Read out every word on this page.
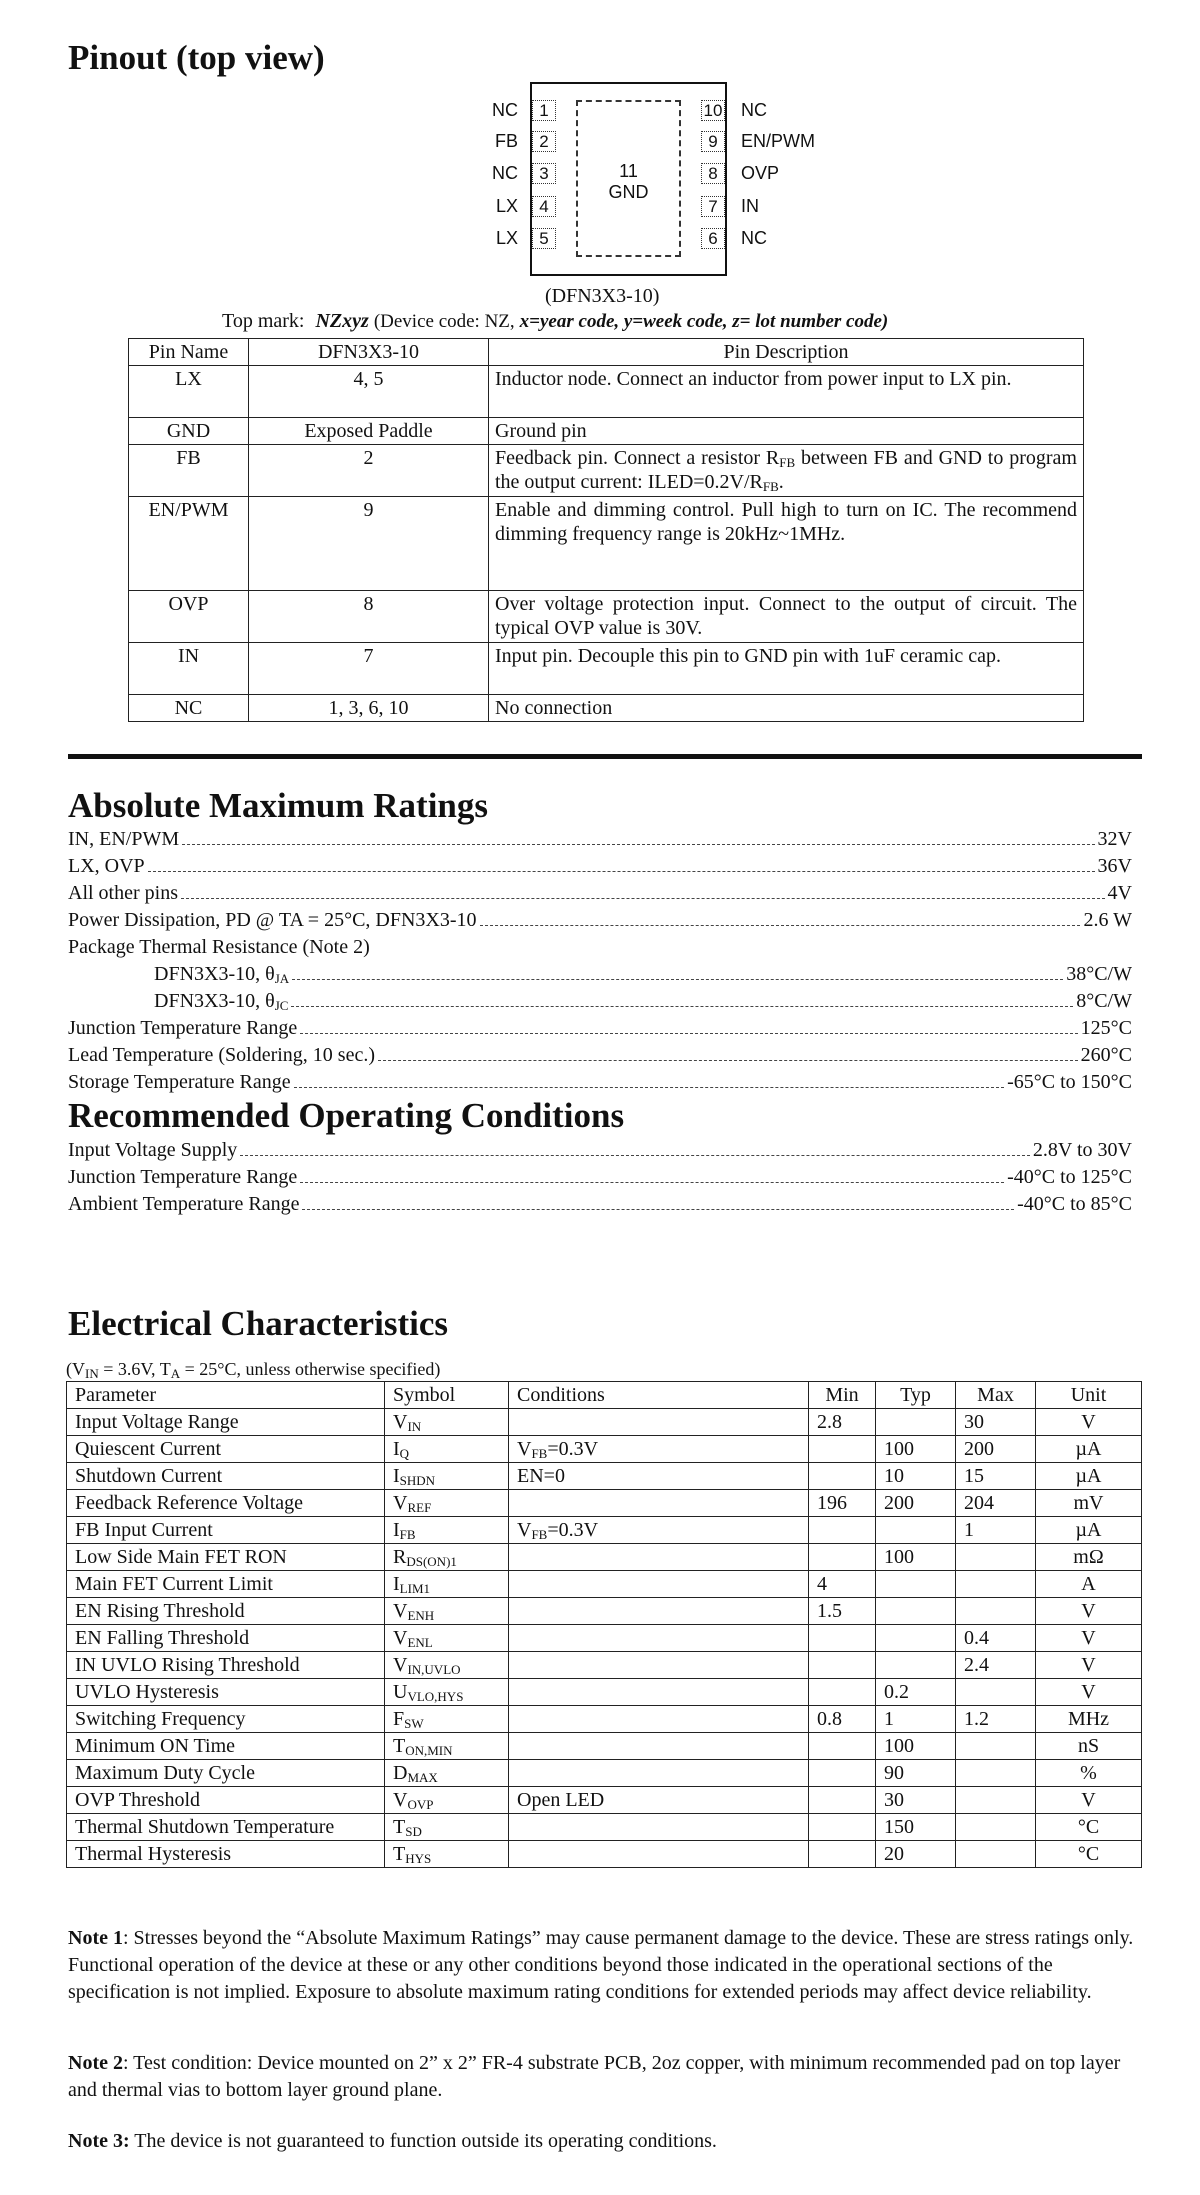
Pinout (top view)
11
GND
NC	1
FB	2
NC	3
LX	4
LX	5
10 NC
9	EN/PWM
8	OVP
7	IN
6	NC
(DFN3X3-10)
Top mark: NZxyz (Device code: NZ, x=year code, y=week code, z= lot number code)
Pin Name	DFN3X3-10	Pin Description
LX	4, 5	Inductor node. Connect an inductor from power input to LX pin.
GND	Exposed Paddle	Ground pin
FB	2	Feedback pin. Connect a resistor $R_{FB}$ between FB and GND to program the output current: $ILED=0.2V/R_{FB}$.
EN/PWM	9	Enable and dimming control. Pull high to turn on IC. The recommend dimming frequency range is 20kHz~1MHz.
OVP	8	Over voltage protection input. Connect to the output of circuit. The typical OVP value is 30V.
IN	7	Input pin. Decouple this pin to GND pin with 1uF ceramic cap.
NC	1, 3, 6, 10	No connection
Absolute Maximum Ratings
IN, EN/PWM	32V
LX, OVP	36V
All other pins	4V
Power Dissipation, PD @ TA = 25°C, DFN3X3-10	2.6 W
Package Thermal Resistance (Note 2)
DFN3X3-10, $\theta_{JA}$	38°C/W
DFN3X3-10, $\theta_{JC}$	8°C/W
Junction Temperature Range	125°C
Lead Temperature (Soldering, 10 sec.)	260°C
Storage Temperature Range	-65°C to 150°C
Recommended Operating Conditions
Input Voltage Supply	2.8V to 30V
Junction Temperature Range	-40°C to 125°C
Ambient Temperature Range	-40°C to 85°C
Electrical Characteristics
($V_{IN} = 3.6V$, $T_A = 25^\circ C$, unless otherwise specified)
Parameter	Symbol	Conditions	Min	Typ	Max	Unit
Input Voltage Range	$V_{IN}$		2.8		30	V
Quiescent Current	$I_Q$	$V_{FB}=0.3V$		100	200	µA
Shutdown Current	$I_{SHDN}$	EN=0		10	15	µA
Feedback Reference Voltage	$V_{REF}$		196	200	204	mV
FB Input Current	$I_{FB}$	$V_{FB}=0.3V$			1	µA
Low Side Main FET RON	$R_{DS(ON)1}$			100		mΩ
Main FET Current Limit	$I_{LIM1}$		4			A
EN Rising Threshold	$V_{ENH}$		1.5			V
EN Falling Threshold	$V_{ENL}$				0.4	V
IN UVLO Rising Threshold	$V_{IN,UVLO}$				2.4	V
UVLO Hysteresis	$U_{VLO,HYS}$			0.2		V
Switching Frequency	$F_{SW}$		0.8	1	1.2	MHz
Minimum ON Time	$T_{ON,MIN}$			100		nS
Maximum Duty Cycle	$D_{MAX}$			90		%
OVP Threshold	$V_{OVP}$	Open LED		30		V
Thermal Shutdown Temperature	$T_{SD}$			150		°C
Thermal Hysteresis	$T_{HYS}$			20		°C
Note 1: Stresses beyond the “Absolute Maximum Ratings” may cause permanent damage to the device. These are stress ratings only. Functional operation of the device at these or any other conditions beyond those indicated in the operational sections of the specification is not implied. Exposure to absolute maximum rating conditions for extended periods may affect device reliability.
Note 2: Test condition: Device mounted on 2” x 2” FR-4 substrate PCB, 2oz copper, with minimum recommended pad on top layer and thermal vias to bottom layer ground plane.
Note 3: The device is not guaranteed to function outside its operating conditions.
